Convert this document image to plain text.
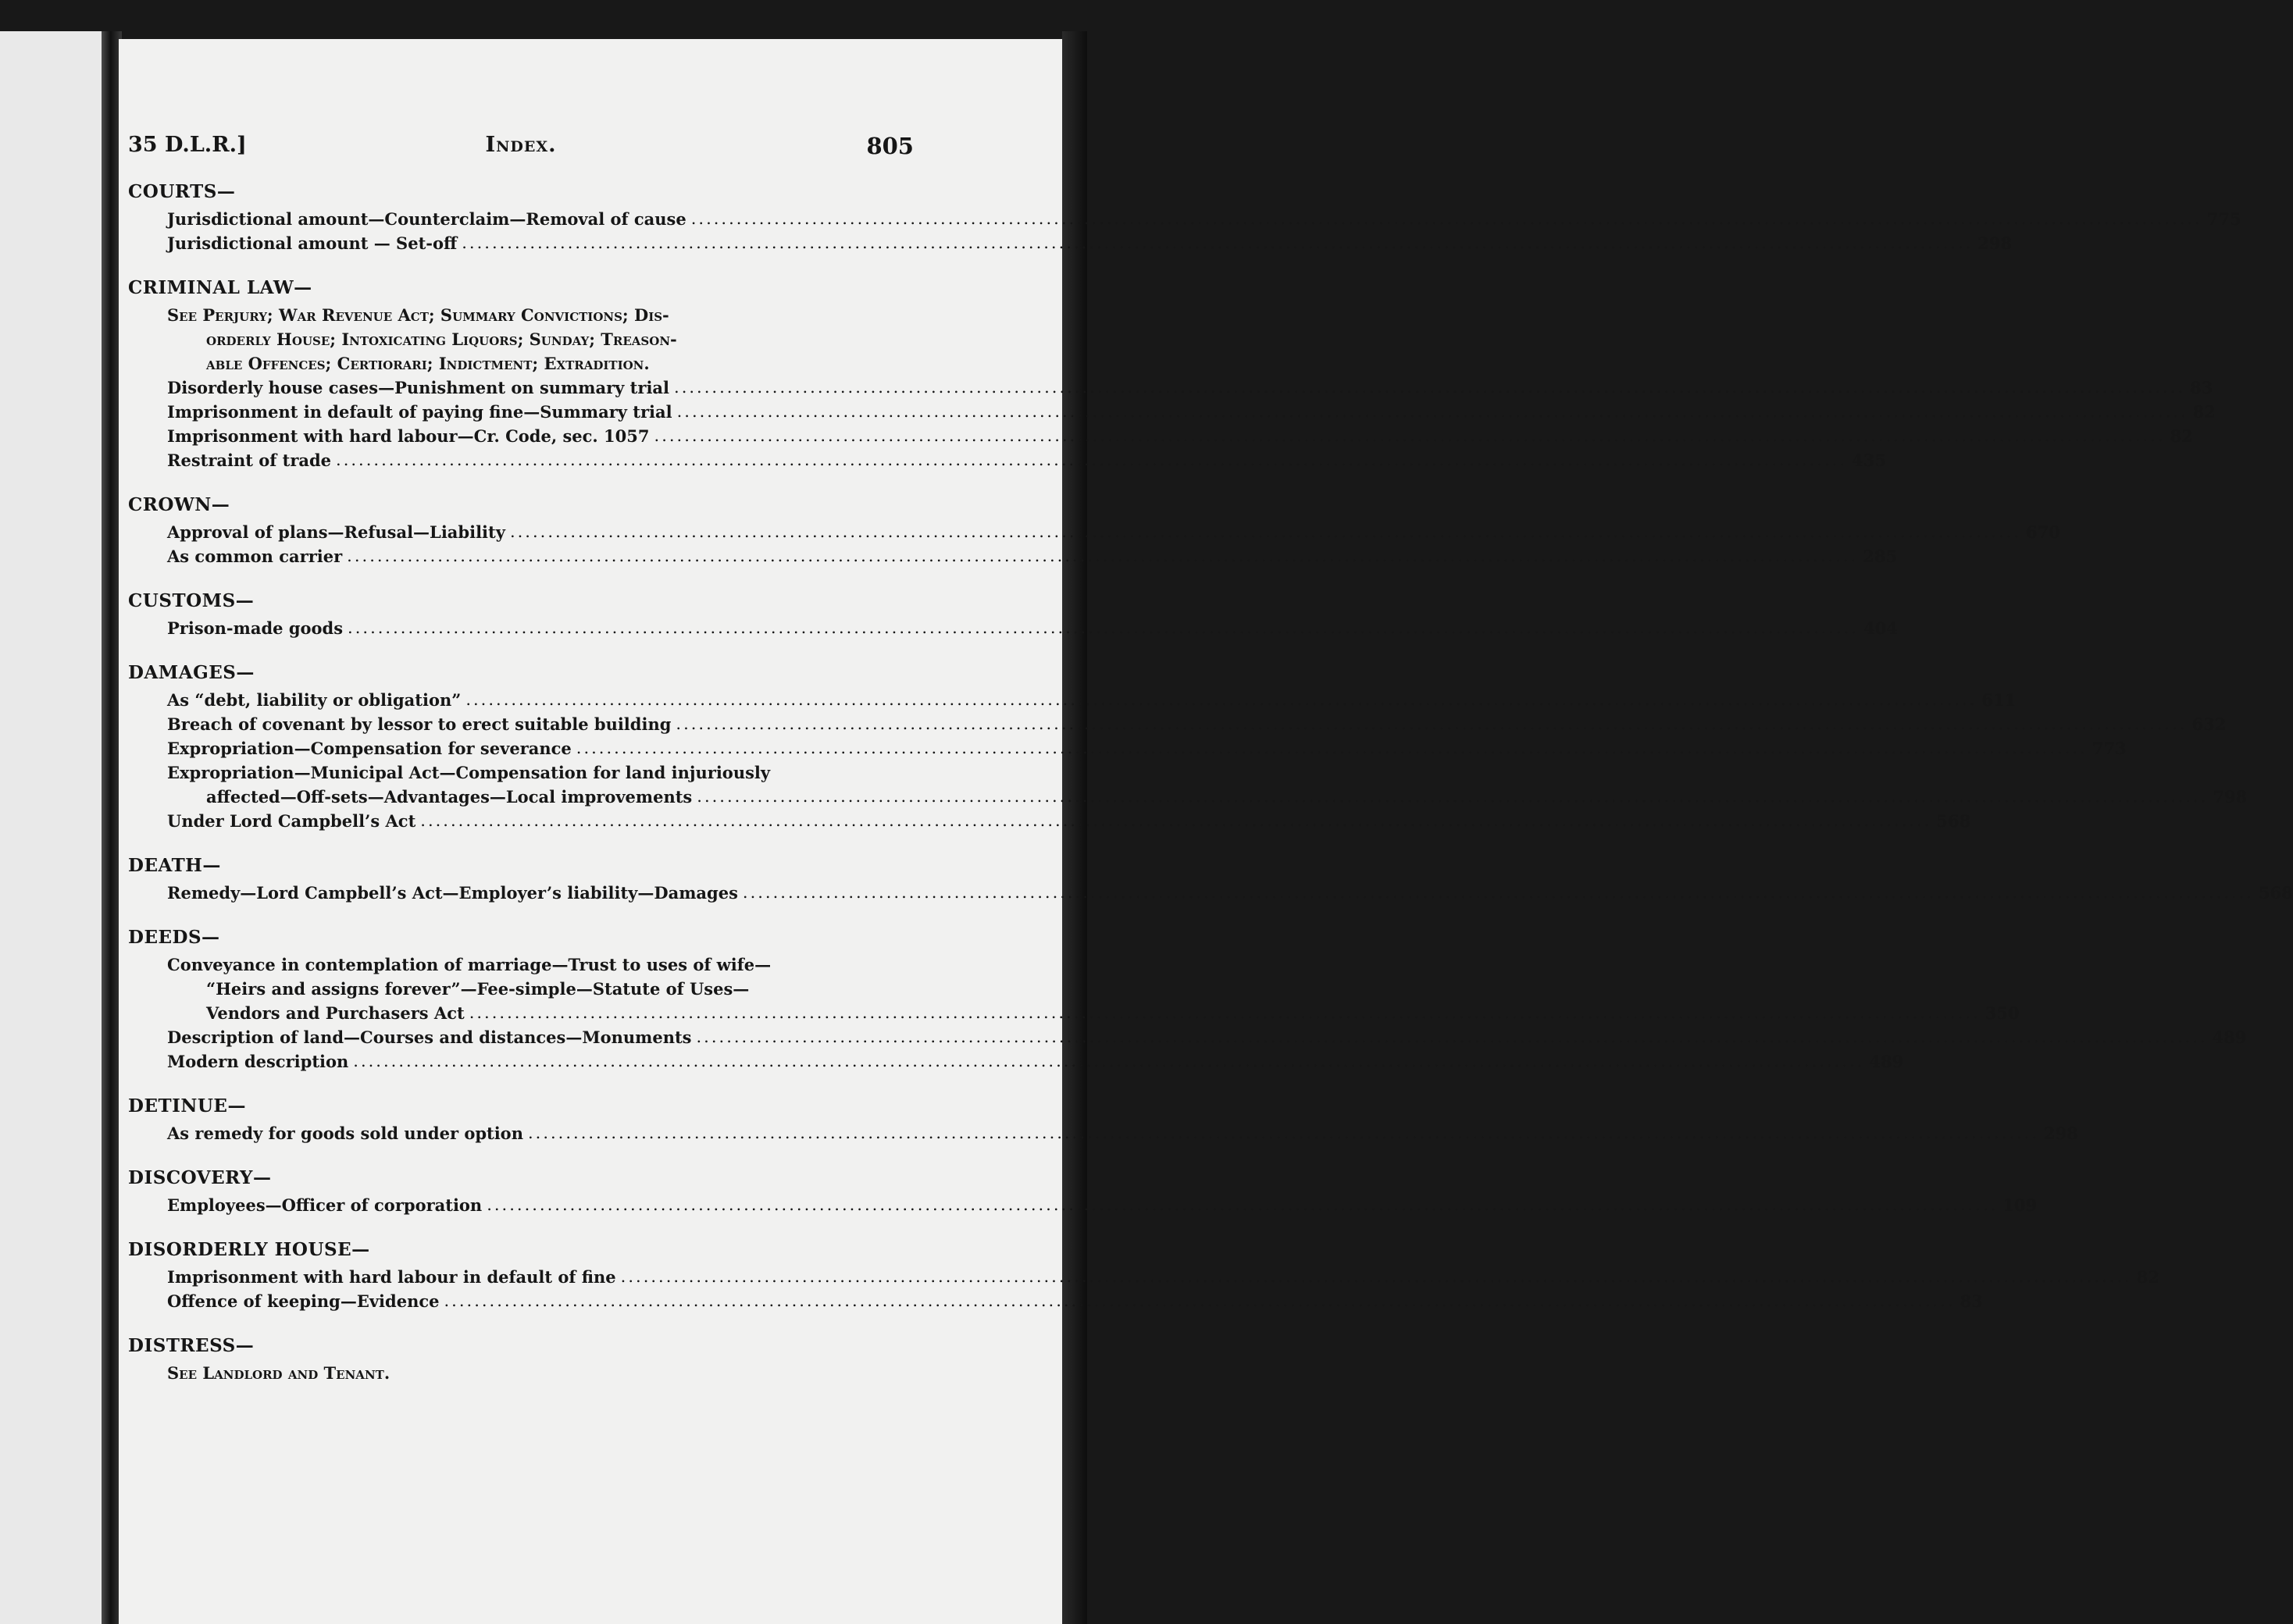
35 D.L.R.]	Index.	805
COURTS—
Jurisdictional amount—Counterclaim—Removal of cause ........................................................................................................................................................................................................ 775
Jurisdictional amount — Set-off ........................................................................................................................................................................................................ 298
CRIMINAL LAW—
See Perjury; War Revenue Act; Summary Convictions; Dis-
orderly House; Intoxicating Liquors; Sunday; Treason-
able Offences; Certiorari; Indictment; Extradition.
Disorderly house cases—Punishment on summary trial ........................................................................................................................................................................................................ 83
Imprisonment in default of paying fine—Summary trial ........................................................................................................................................................................................................ 82
Imprisonment with hard labour—Cr. Code, sec. 1057 ........................................................................................................................................................................................................ 82
Restraint of trade ........................................................................................................................................................................................................ 435
CROWN—
Approval of plans—Refusal—Liability ........................................................................................................................................................................................................ 670
As common carrier ........................................................................................................................................................................................................ 285
CUSTOMS—
Prison-made goods ........................................................................................................................................................................................................ 404
DAMAGES—
As “debt, liability or obligation” ........................................................................................................................................................................................................ 611
Breach of covenant by lessor to erect suitable building ........................................................................................................................................................................................................ 632
Expropriation—Compensation for severance ........................................................................................................................................................................................................ 773
Expropriation—Municipal Act—Compensation for land injuriously
affected—Off-sets—Advantages—Local improvements ........................................................................................................................................................................................................ 798
Under Lord Campbell’s Act ........................................................................................................................................................................................................ 568
DEATH—
Remedy—Lord Campbell’s Act—Employer’s liability—Damages ........................................................................................................................................................................................................ 568
DEEDS—
Conveyance in contemplation of marriage—Trust to uses of wife—
“Heirs and assigns forever”—Fee-simple—Statute of Uses—
Vendors and Purchasers Act ........................................................................................................................................................................................................ 350
Description of land—Courses and distances—Monuments ........................................................................................................................................................................................................ 489
Modern description ........................................................................................................................................................................................................ 489
DETINUE—
As remedy for goods sold under option ........................................................................................................................................................................................................ 298
DISCOVERY—
Employees—Officer of corporation ........................................................................................................................................................................................................ 109
DISORDERLY HOUSE—
Imprisonment with hard labour in default of fine ........................................................................................................................................................................................................ 82
Offence of keeping—Evidence ........................................................................................................................................................................................................ 83
DISTRESS—
See Landlord and Tenant.
